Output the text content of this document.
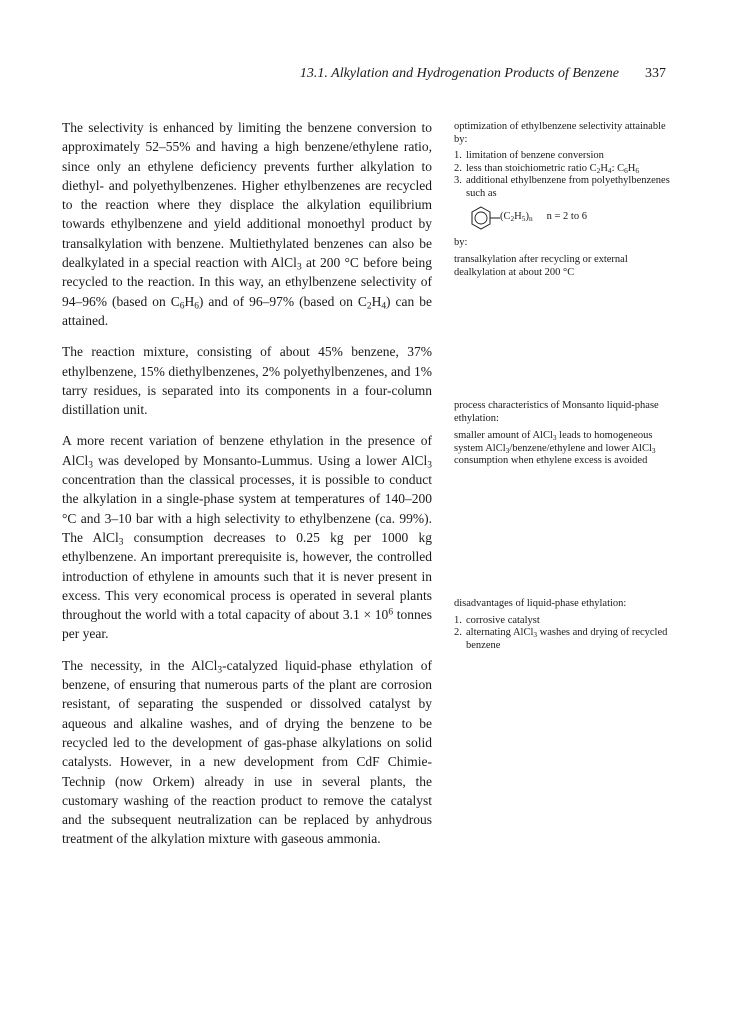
13.1. Alkylation and Hydrogenation Products of Benzene 337

The selectivity is enhanced by limiting the benzene conversion to approximately 52–55% and having a high benzene/ethylene ratio, since only an ethylene deficiency prevents further alkylation to diethyl- and polyethylbenzenes. Higher ethylbenzenes are recycled to the reaction where they displace the alkylation equilibrium towards ethylbenzene and yield additional monoethyl product by transalkylation with benzene. Multiethylated benzenes can also be dealkylated in a special reaction with AlCl$_3$ at 200 °C before being recycled to the reaction. In this way, an ethylbenzene selectivity of 94–96% (based on $C_6H_6$) and of 96–97% (based on $C_2H_4$) can be attained.

The reaction mixture, consisting of about 45% benzene, 37% ethylbenzene, 15% diethylbenzenes, 2% polyethylbenzenes, and 1% tarry residues, is separated into its components in a four-column distillation unit.

A more recent variation of benzene ethylation in the presence of AlCl$_3$ was developed by Monsanto-Lummus. Using a lower AlCl$_3$ concentration than the classical processes, it is possible to conduct the alkylation in a single-phase system at temperatures of 140–200 °C and 3–10 bar with a high selectivity to ethylbenzene (ca. 99%). The AlCl$_3$ consumption decreases to 0.25 kg per 1000 kg ethylbenzene. An important prerequisite is, however, the controlled introduction of ethylene in amounts such that it is never present in excess. This very economical process is operated in several plants throughout the world with a total capacity of about $3.1 \times 10^6$ tonnes per year.

The necessity, in the AlCl$_3$-catalyzed liquid-phase ethylation of benzene, of ensuring that numerous parts of the plant are corrosion resistant, of separating the suspended or dissolved catalyst by aqueous and alkaline washes, and of drying the benzene to be recycled led to the development of gas-phase alkylations on solid catalysts. However, in a new development from CdF Chimie-Technip (now Orkem) already in use in several plants, the customary washing of the reaction product to remove the catalyst and the subsequent neutralization can be replaced by anhydrous treatment of the alkylation mixture with gaseous ammonia.

optimization of ethylbenzene selectivity attainable by:

1. limitation of benzene conversion
2. less than stoichiometric ratio $C_2H_4$: $C_6H_6$
3. additional ethylbenzene from polyethylbenzenes such as
$(C_2H_5)_n$ n = 2 to 6

by:

transalkylation after recycling or external dealkylation at about 200 °C

process characteristics of Monsanto liquid-phase ethylation:

smaller amount of AlCl$_3$ leads to homogeneous system AlCl$_3$/benzene/ethylene and lower AlCl$_3$ consumption when ethylene excess is avoided

disadvantages of liquid-phase ethylation:

1. corrosive catalyst
2. alternating AlCl$_3$ washes and drying of recycled benzene
